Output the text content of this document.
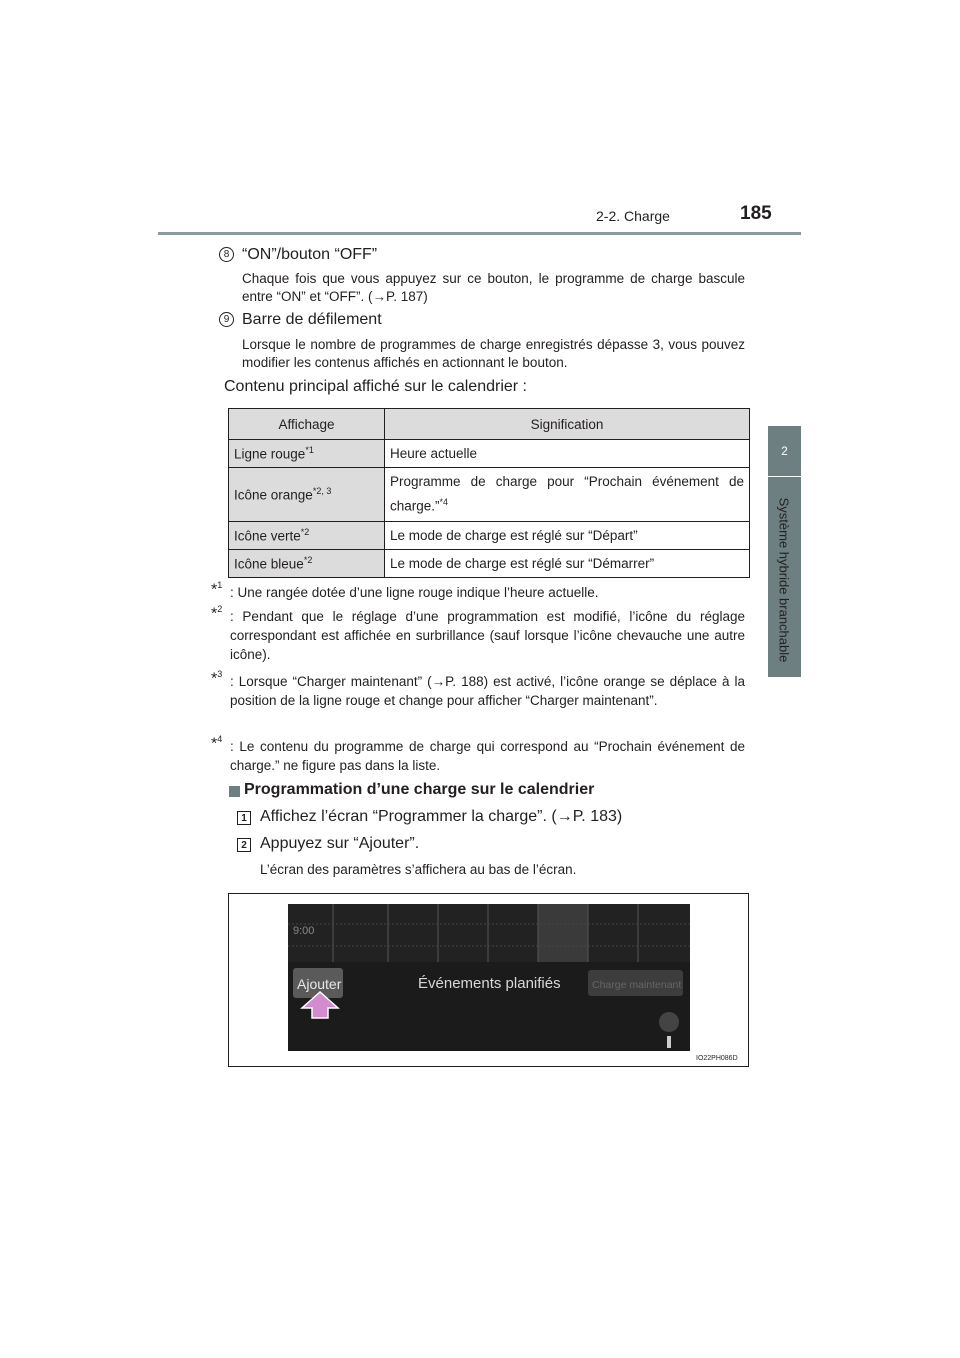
2-2. Charge	185
2
Système hybride branchable
8 “ON”/bouton “OFF”
Chaque fois que vous appuyez sur ce bouton, le programme de charge bascule entre “ON” et “OFF”. (→P. 187)
9 Barre de défilement
Lorsque le nombre de programmes de charge enregistrés dépasse 3, vous pouvez modifier les contenus affichés en actionnant le bouton.
Contenu principal affiché sur le calendrier :
Affichage	Signification
Ligne rouge$^{*1}$	Heure actuelle
Icône orange$^{*2, 3}$	Programme de charge pour “Prochain événement de charge.”$^{*4}$
Icône verte$^{*2}$	Le mode de charge est réglé sur “Départ”
Icône bleue$^{*2}$	Le mode de charge est réglé sur “Démarrer”
*$^1$ : Une rangée dotée d’une ligne rouge indique l’heure actuelle.
*$^2$ : Pendant que le réglage d’une programmation est modifié, l’icône du réglage correspondant est affichée en surbrillance (sauf lorsque l’icône chevauche une autre icône).
*$^3$ : Lorsque “Charger maintenant” (→P. 188) est activé, l’icône orange se déplace à la position de la ligne rouge et change pour afficher “Charger maintenant”.
*$^4$ : Le contenu du programme de charge qui correspond au “Prochain événement de charge.” ne figure pas dans la liste.
Programmation d’une charge sur le calendrier
1 Affichez l’écran “Programmer la charge”. (→P. 183)
2 Appuyez sur “Ajouter”.
L’écran des paramètres s’affichera au bas de l’écran.
9:00
Ajouter	Événements planifiés	Charge maintenant
IO22PH086D
